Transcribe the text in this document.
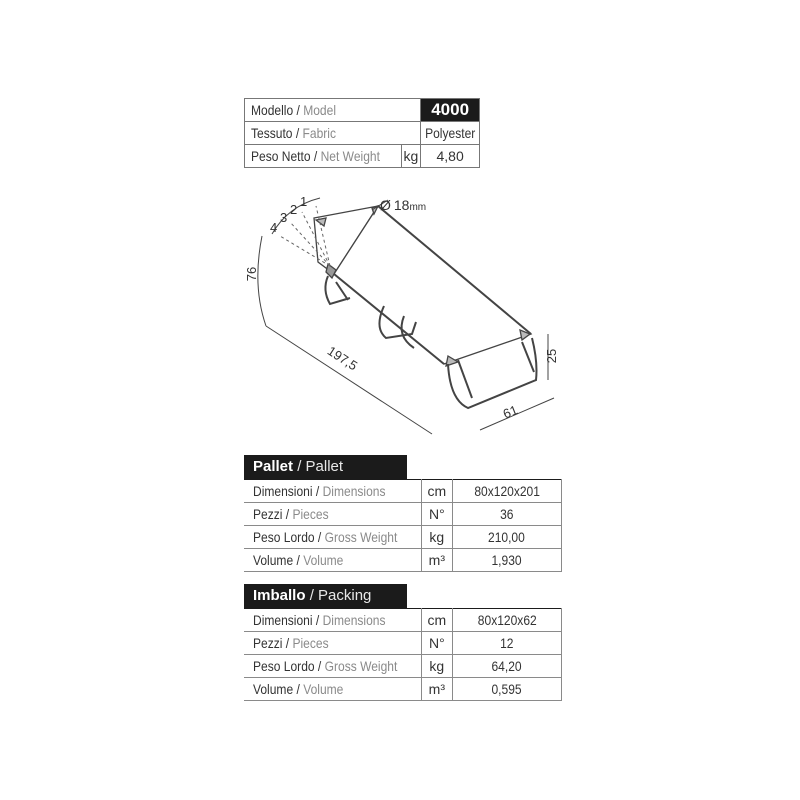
Modello / Model		4000
Tessuto / Fabric		Polyester
Peso Netto / Net Weight	kg	4,80
Ø 18mm
4
3
2
1
76
197,5
61
25
Pallet / Pallet
Dimensioni / Dimensions	cm	80x120x201
Pezzi / Pieces	N°	36
Peso Lordo / Gross Weight	kg	210,00
Volume / Volume	m³	1,930
Imballo / Packing
Dimensioni / Dimensions	cm	80x120x62
Pezzi / Pieces	N°	12
Peso Lordo / Gross Weight	kg	64,20
Volume / Volume	m³	0,595
